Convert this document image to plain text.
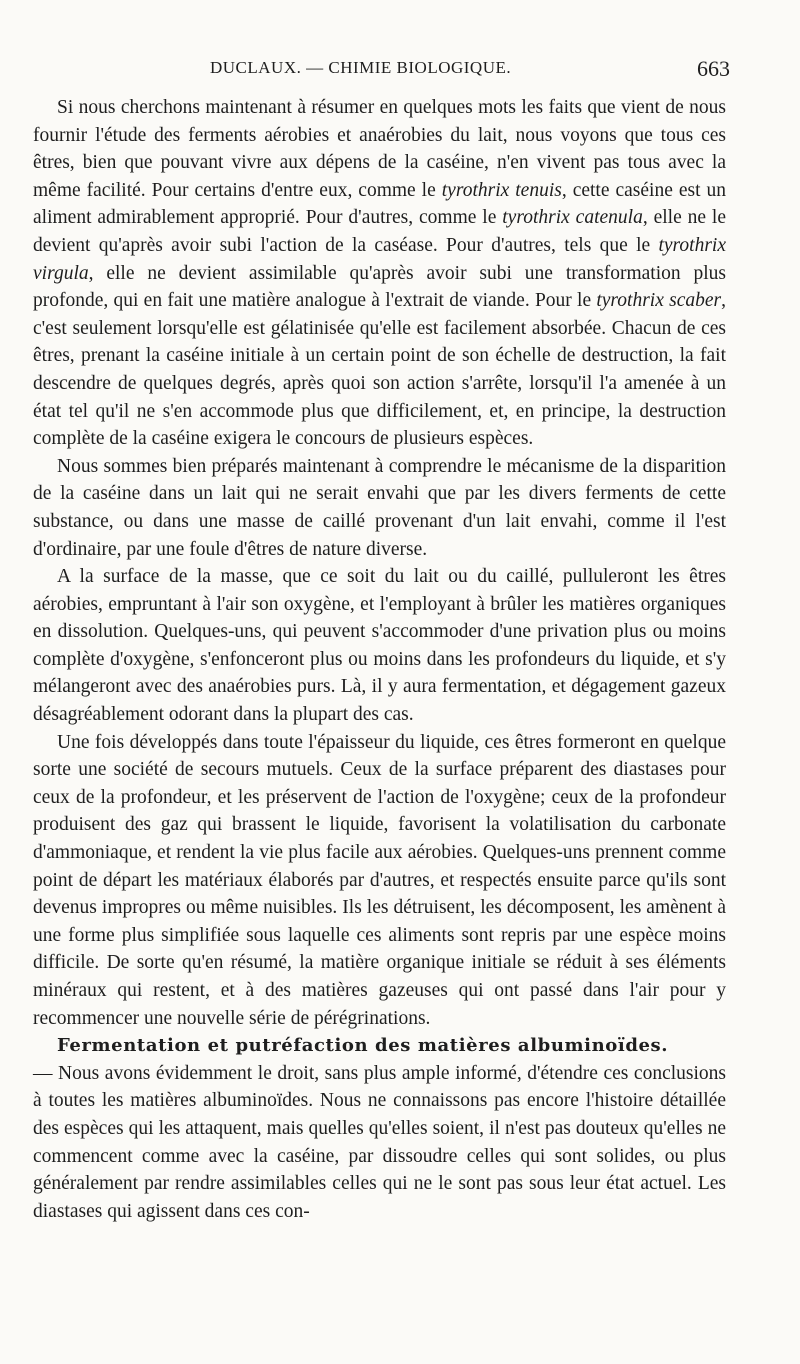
DUCLAUX. — CHIMIE BIOLOGIQUE.	663

Si nous cherchons maintenant à résumer en quelques mots les faits que vient de nous fournir l'étude des ferments aérobies et anaérobies du lait, nous voyons que tous ces êtres, bien que pouvant vivre aux dépens de la caséine, n'en vivent pas tous avec la même facilité. Pour certains d'entre eux, comme le tyrothrix tenuis, cette caséine est un aliment admirablement approprié. Pour d'autres, comme le tyrothrix catenula, elle ne le devient qu'après avoir subi l'action de la caséase. Pour d'autres, tels que le tyrothrix virgula, elle ne devient assimilable qu'après avoir subi une transformation plus profonde, qui en fait une matière analogue à l'extrait de viande. Pour le tyrothrix scaber, c'est seulement lorsqu'elle est gélatinisée qu'elle est facilement absorbée. Chacun de ces êtres, prenant la caséine initiale à un certain point de son échelle de destruction, la fait descendre de quelques degrés, après quoi son action s'arrête, lorsqu'il l'a amenée à un état tel qu'il ne s'en accommode plus que difficilement, et, en principe, la destruction complète de la caséine exigera le concours de plusieurs espèces.

Nous sommes bien préparés maintenant à comprendre le mécanisme de la disparition de la caséine dans un lait qui ne serait envahi que par les divers ferments de cette substance, ou dans une masse de caillé provenant d'un lait envahi, comme il l'est d'ordinaire, par une foule d'êtres de nature diverse.

A la surface de la masse, que ce soit du lait ou du caillé, pulluleront les êtres aérobies, empruntant à l'air son oxygène, et l'employant à brûler les matières organiques en dissolution. Quelques-uns, qui peuvent s'accommoder d'une privation plus ou moins complète d'oxygène, s'enfonceront plus ou moins dans les profondeurs du liquide, et s'y mélangeront avec des anaérobies purs. Là, il y aura fermentation, et dégagement gazeux désagréablement odorant dans la plupart des cas.

Une fois développés dans toute l'épaisseur du liquide, ces êtres formeront en quelque sorte une société de secours mutuels. Ceux de la surface préparent des diastases pour ceux de la profondeur, et les préservent de l'action de l'oxygène; ceux de la profondeur produisent des gaz qui brassent le liquide, favorisent la volatilisation du carbonate d'ammoniaque, et rendent la vie plus facile aux aérobies. Quelques-uns prennent comme point de départ les matériaux élaborés par d'autres, et respectés ensuite parce qu'ils sont devenus impropres ou même nuisibles. Ils les détruisent, les décomposent, les amènent à une forme plus simplifiée sous laquelle ces aliments sont repris par une espèce moins difficile. De sorte qu'en résumé, la matière organique initiale se réduit à ses éléments minéraux qui restent, et à des matières gazeuses qui ont passé dans l'air pour y recommencer une nouvelle série de pérégrinations.

Fermentation et putréfaction des matières albuminoïdes.
— Nous avons évidemment le droit, sans plus ample informé, d'étendre ces conclusions à toutes les matières albuminoïdes. Nous ne connaissons pas encore l'histoire détaillée des espèces qui les attaquent, mais quelles qu'elles soient, il n'est pas douteux qu'elles ne commencent comme avec la caséine, par dissoudre celles qui sont solides, ou plus généralement par rendre assimilables celles qui ne le sont pas sous leur état actuel. Les diastases qui agissent dans ces con-
